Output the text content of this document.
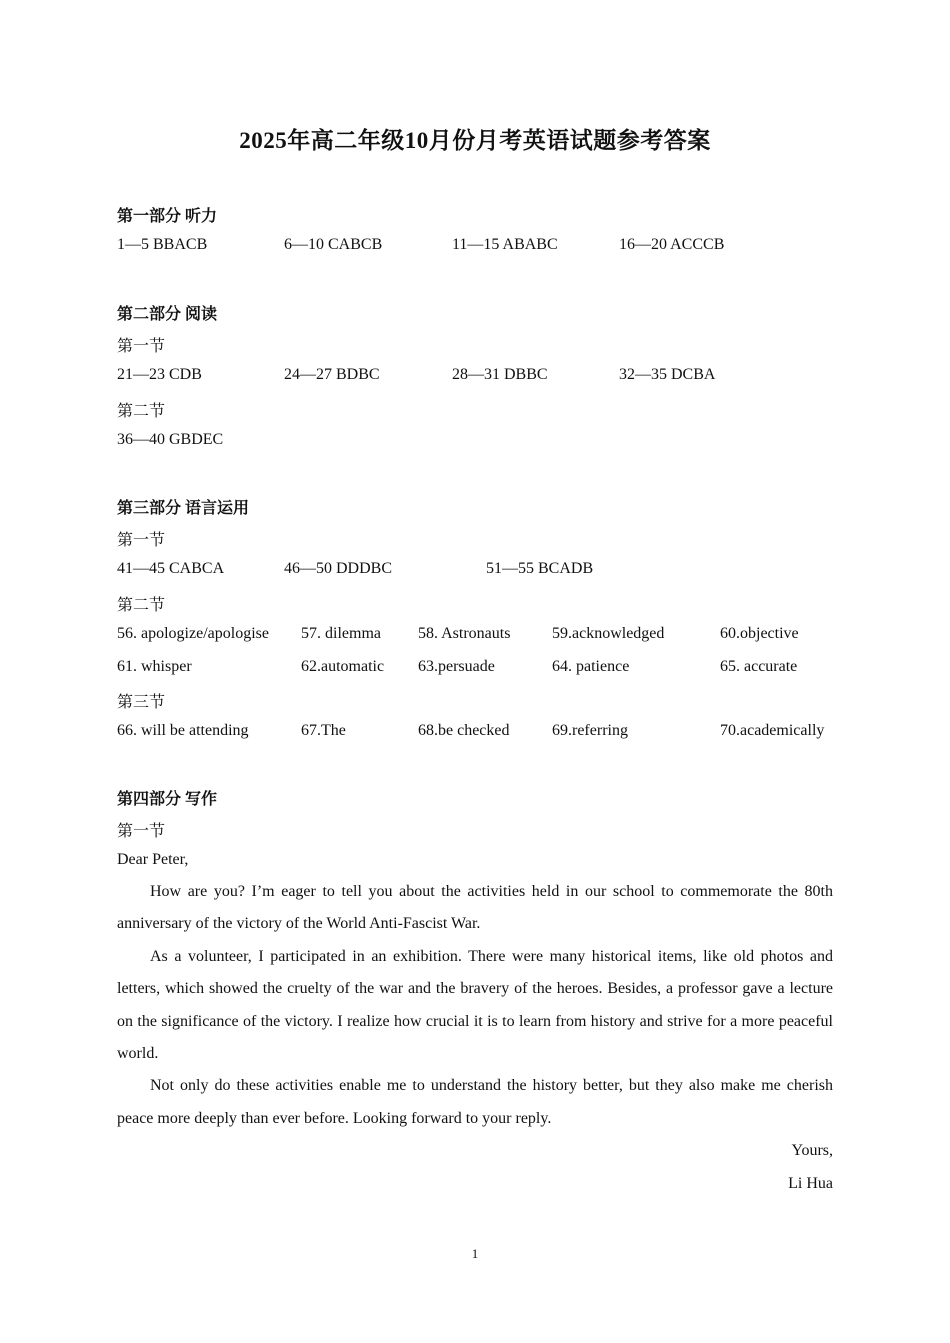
2025年高二年级10月份月考英语试题参考答案
第一部分 听力
1—5 BBACB	6—10 CABCB	11—15 ABABC	16—20 ACCCB
第二部分 阅读
第一节
21—23 CDB	24—27 BDBC	28—31 DBBC	32—35 DCBA
第二节
36—40 GBDEC
第三部分 语言运用
第一节
41—45 CABCA	46—50 DDDBC	51—55 BCADB
第二节
56. apologize/apologise 57. dilemma 58. Astronauts	59.acknowledged	60.objective
61. whisper	62.automatic 63.persuade	64. patience	65. accurate
第三节
66. will be attending	67.The	68.be checked	69.referring	70.academically
第四部分 写作
第一节
Dear Peter,

How are you? I’m eager to tell you about the activities held in our school to commemorate the 80th anniversary of the victory of the World Anti-Fascist War.

As a volunteer, I participated in an exhibition. There were many historical items, like old photos and letters, which showed the cruelty of the war and the bravery of the heroes. Besides, a professor gave a lecture on the significance of the victory. I realize how crucial it is to learn from history and strive for a more peaceful world.

Not only do these activities enable me to understand the history better, but they also make me cherish peace more deeply than ever before. Looking forward to your reply.

Yours,
Li Hua
1
